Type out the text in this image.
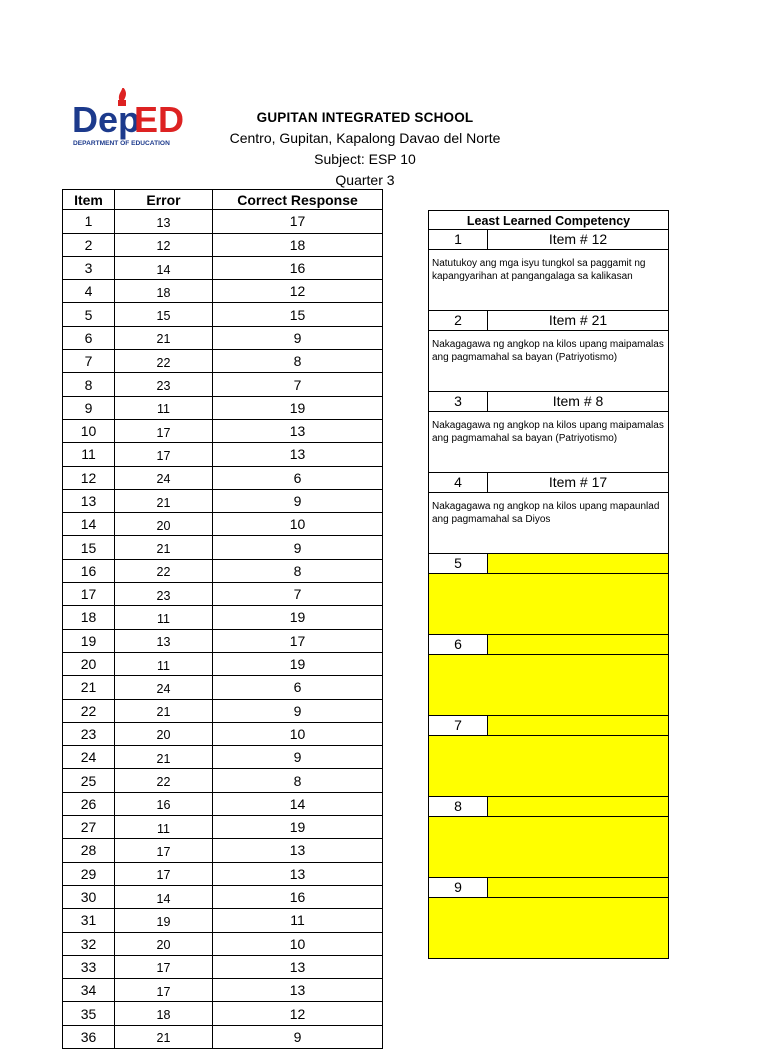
Dep
ED
DEPARTMENT OF EDUCATION
GUPITAN INTEGRATED SCHOOL
Centro, Gupitan, Kapalong Davao del Norte
Subject: ESP 10
Quarter 3
Item	Error	Correct Response
1	13	17
2	12	18
3	14	16
4	18	12
5	15	15
6	21	9
7	22	8
8	23	7
9	11	19
10	17	13
11	17	13
12	24	6
13	21	9
14	20	10
15	21	9
16	22	8
17	23	7
18	11	19
19	13	17
20	11	19
21	24	6
22	21	9
23	20	10
24	21	9
25	22	8
26	16	14
27	11	19
28	17	13
29	17	13
30	14	16
31	19	11
32	20	10
33	17	13
34	17	13
35	18	12
36	21	9
Least Learned Competency
1	Item # 12
Natutukoy ang mga isyu tungkol sa paggamit ng kapangyarihan at pangangalaga sa kalikasan
2	Item # 21
Nakagagawa ng angkop na kilos upang maipamalas ang pagmamahal sa bayan (Patriyotismo)
3	Item # 8
Nakagagawa ng angkop na kilos upang maipamalas ang pagmamahal sa bayan (Patriyotismo)
4	Item # 17
Nakagagawa ng angkop na kilos upang mapaunlad ang pagmamahal sa Diyos
5
6
7
8
9
